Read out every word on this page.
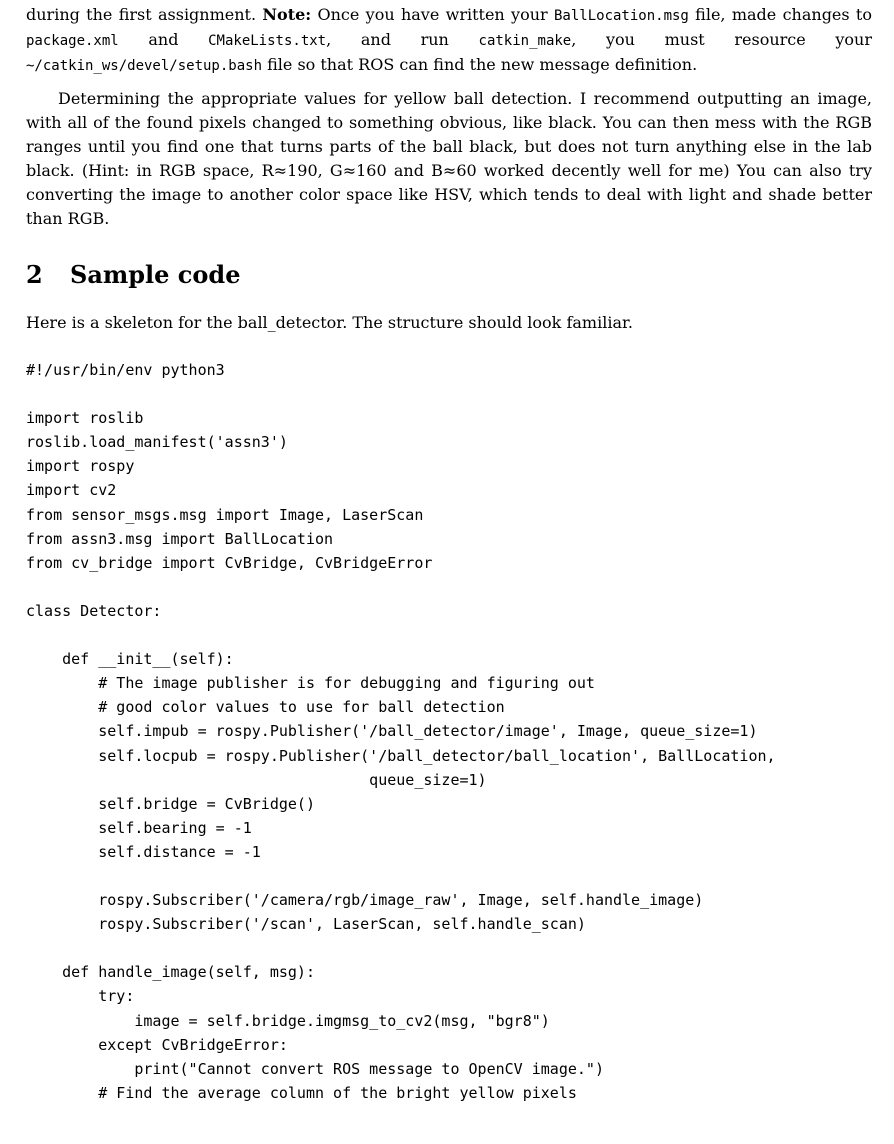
during the first assignment. Note: Once you have written your BallLocation.msg file, made changes to package.xml and CMakeLists.txt, and run catkin_make, you must resource your ~/catkin_ws/devel/setup.bash file so that ROS can find the new message definition.

Determining the appropriate values for yellow ball detection. I recommend outputting an image, with all of the found pixels changed to something obvious, like black. You can then mess with the RGB ranges until you find one that turns parts of the ball black, but does not turn anything else in the lab black. (Hint: in RGB space, R≈190, G≈160 and B≈60 worked decently well for me) You can also try converting the image to another color space like HSV, which tends to deal with light and shade better than RGB.

2 Sample code

Here is a skeleton for the ball_detector. The structure should look familiar.

#!/usr/bin/env python3

import roslib
roslib.load_manifest('assn3')
import rospy
import cv2
from sensor_msgs.msg import Image, LaserScan
from assn3.msg import BallLocation
from cv_bridge import CvBridge, CvBridgeError

class Detector:

def __init__(self):
# The image publisher is for debugging and figuring out
# good color values to use for ball detection
self.impub = rospy.Publisher('/ball_detector/image', Image, queue_size=1)
self.locpub = rospy.Publisher('/ball_detector/ball_location', BallLocation,
queue_size=1)
self.bridge = CvBridge()
self.bearing = -1
self.distance = -1

rospy.Subscriber('/camera/rgb/image_raw', Image, self.handle_image)
rospy.Subscriber('/scan', LaserScan, self.handle_scan)

def handle_image(self, msg):
try:
image = self.bridge.imgmsg_to_cv2(msg, "bgr8")
except CvBridgeError:
print("Cannot convert ROS message to OpenCV image.")
# Find the average column of the bright yellow pixels
